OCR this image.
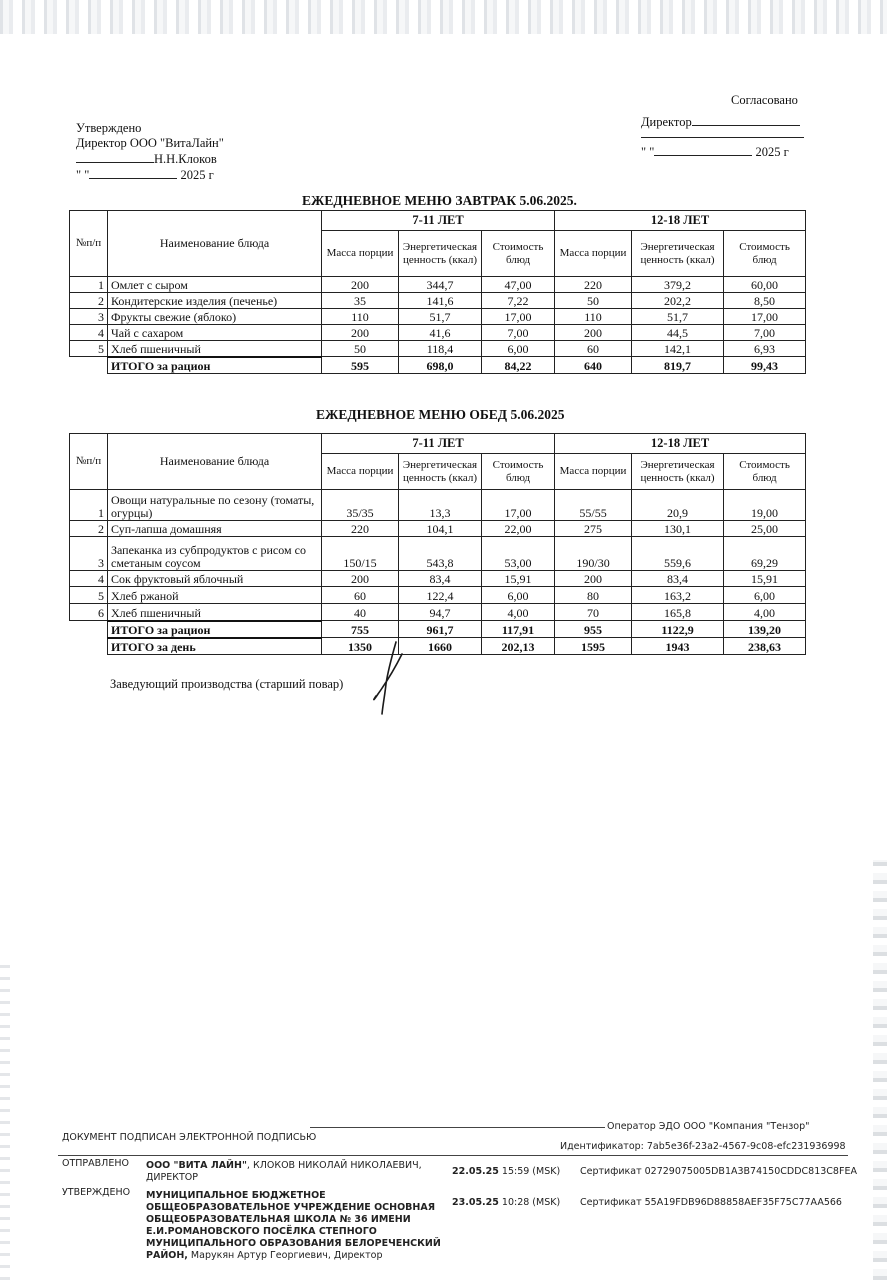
Утверждено
Директор ООО "ВитаЛайн"
Н.Н.Клоков
" "	2025 г
Согласовано
Директор
" "	2025 г
ЕЖЕДНЕВНОЕ МЕНЮ ЗАВТРАК 5.06.2025.
№п/п	Наименование блюда	7-11 ЛЕТ			12-18 ЛЕТ		
		Масса порции	Энергетическая ценность (ккал)	Стоимость блюд	Масса порции	Энергетическая ценность (ккал)	Стоимость блюд
1	Омлет с сыром	200	344,7	47,00	220	379,2	60,00
2	Кондитерские изделия (печенье)	35	141,6	7,22	50	202,2	8,50
3	Фрукты свежие (яблоко)	110	51,7	17,00	110	51,7	17,00
4	Чай с сахаром	200	41,6	7,00	200	44,5	7,00
5	Хлеб пшеничный	50	118,4	6,00	60	142,1	6,93
	ИТОГО за рацион	595	698,0	84,22	640	819,7	99,43
ЕЖЕДНЕВНОЕ МЕНЮ ОБЕД 5.06.2025
№п/п	Наименование блюда	7-11 ЛЕТ			12-18 ЛЕТ		
		Масса порции	Энергетическая ценность (ккал)	Стоимость блюд	Масса порции	Энергетическая ценность (ккал)	Стоимость блюд
1	Овощи натуральные по сезону (томаты, огурцы)	35/35	13,3	17,00	55/55	20,9	19,00
2	Суп-лапша домашняя	220	104,1	22,00	275	130,1	25,00
3	Запеканка из субпродуктов с рисом со сметаным соусом	150/15	543,8	53,00	190/30	559,6	69,29
4	Сок фруктовый яблочный	200	83,4	15,91	200	83,4	15,91
5	Хлеб ржаной	60	122,4	6,00	80	163,2	6,00
6	Хлеб пшеничный	40	94,7	4,00	70	165,8	4,00
	ИТОГО за рацион	755	961,7	117,91	955	1122,9	139,20
	ИТОГО за день	1350	1660	202,13	1595	1943	238,63
Заведующий производства (старший повар)
ДОКУМЕНТ ПОДПИСАН ЭЛЕКТРОННОЙ ПОДПИСЬЮ
Оператор ЭДО ООО "Компания "Тензор"
Идентификатор: 7ab5e36f-23a2-4567-9c08-efc231936998
ОТПРАВЛЕНО ООО "ВИТА ЛАЙН", КЛОКОВ НИКОЛАЙ НИКОЛАЕВИЧ,
ДИРЕКТОР
22.05.25 15:59 (MSK) Сертификат 02729075005DB1A3B74150CDDC813C8FEA
УТВЕРЖДЕНО МУНИЦИПАЛЬНОЕ БЮДЖЕТНОЕ
ОБЩЕОБРАЗОВАТЕЛЬНОЕ УЧРЕЖДЕНИЕ ОСНОВНАЯ
ОБЩЕОБРАЗОВАТЕЛЬНАЯ ШКОЛА № 36 ИМЕНИ
Е.И.РОМАНОВСКОГО ПОСЁЛКА СТЕПНОГО
МУНИЦИПАЛЬНОГО ОБРАЗОВАНИЯ БЕЛОРЕЧЕНСКИЙ
РАЙОН, Марукян Артур Георгиевич, Директор
23.05.25 10:28 (MSK) Сертификат 55A19FDB96D88858AEF35F75C77AA566
